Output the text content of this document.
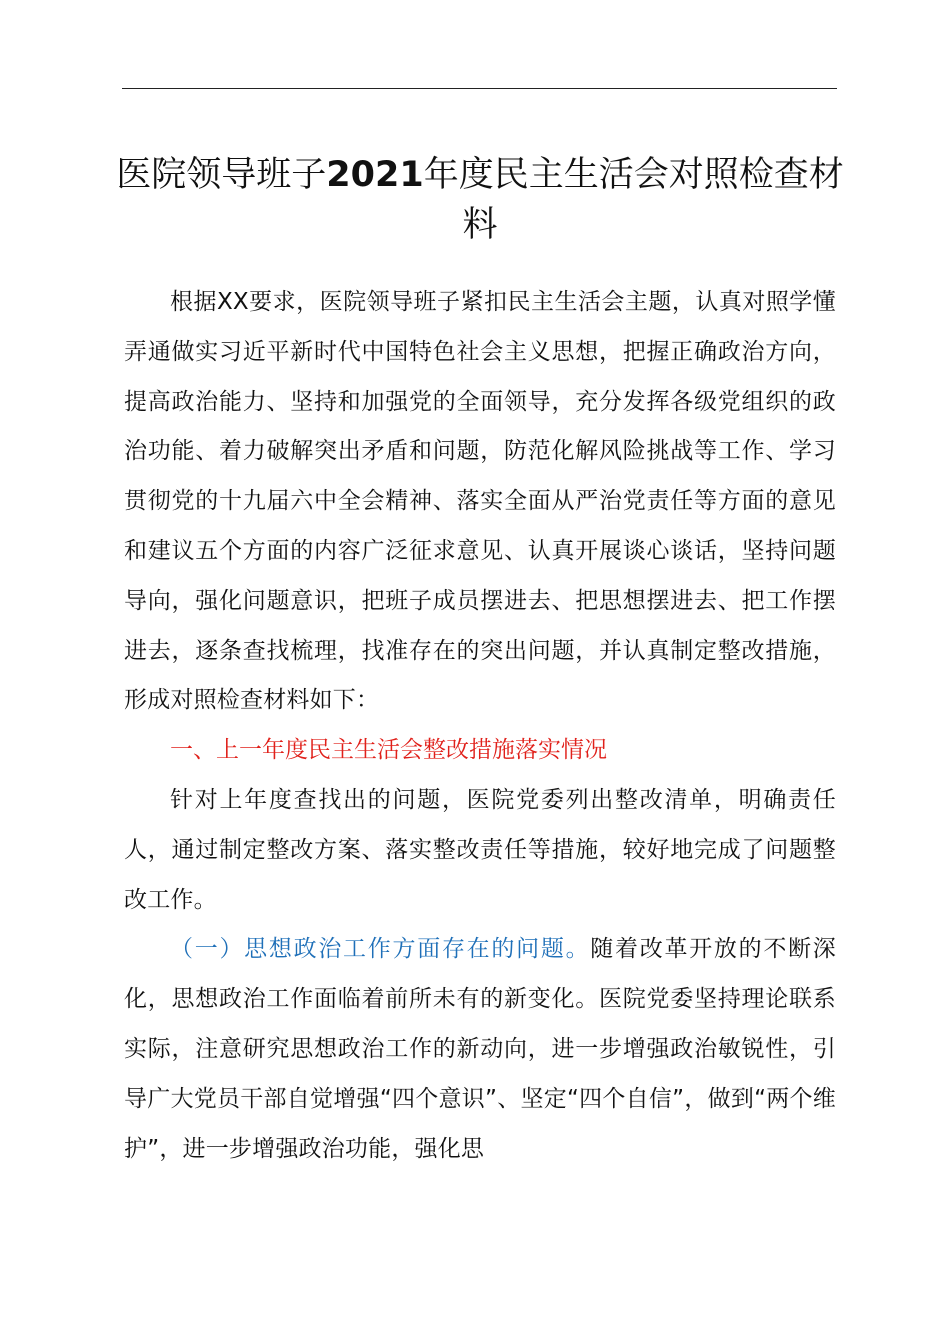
医院领导班子2021年度民主生活会对照检查材料

根据XX要求，医院领导班子紧扣民主生活会主题，认真对照学懂弄通做实习近平新时代中国特色社会主义思想，把握正确政治方向，提高政治能力、坚持和加强党的全面领导，充分发挥各级党组织的政治功能、着力破解突出矛盾和问题，防范化解风险挑战等工作、学习贯彻党的十九届六中全会精神、落实全面从严治党责任等方面的意见和建议五个方面的内容广泛征求意见、认真开展谈心谈话，坚持问题导向，强化问题意识，把班子成员摆进去、把思想摆进去、把工作摆进去，逐条查找梳理，找准存在的突出问题，并认真制定整改措施，形成对照检查材料如下：

一、上一年度民主生活会整改措施落实情况

针对上年度查找出的问题，医院党委列出整改清单，明确责任人，通过制定整改方案、落实整改责任等措施，较好地完成了问题整改工作。

（一）思想政治工作方面存在的问题。随着改革开放的不断深化，思想政治工作面临着前所未有的新变化。医院党委坚持理论联系实际，注意研究思想政治工作的新动向，进一步增强政治敏锐性，引导广大党员干部自觉增强“四个意识”、坚定“四个自信”，做到“两个维护”，进一步增强政治功能，强化思
